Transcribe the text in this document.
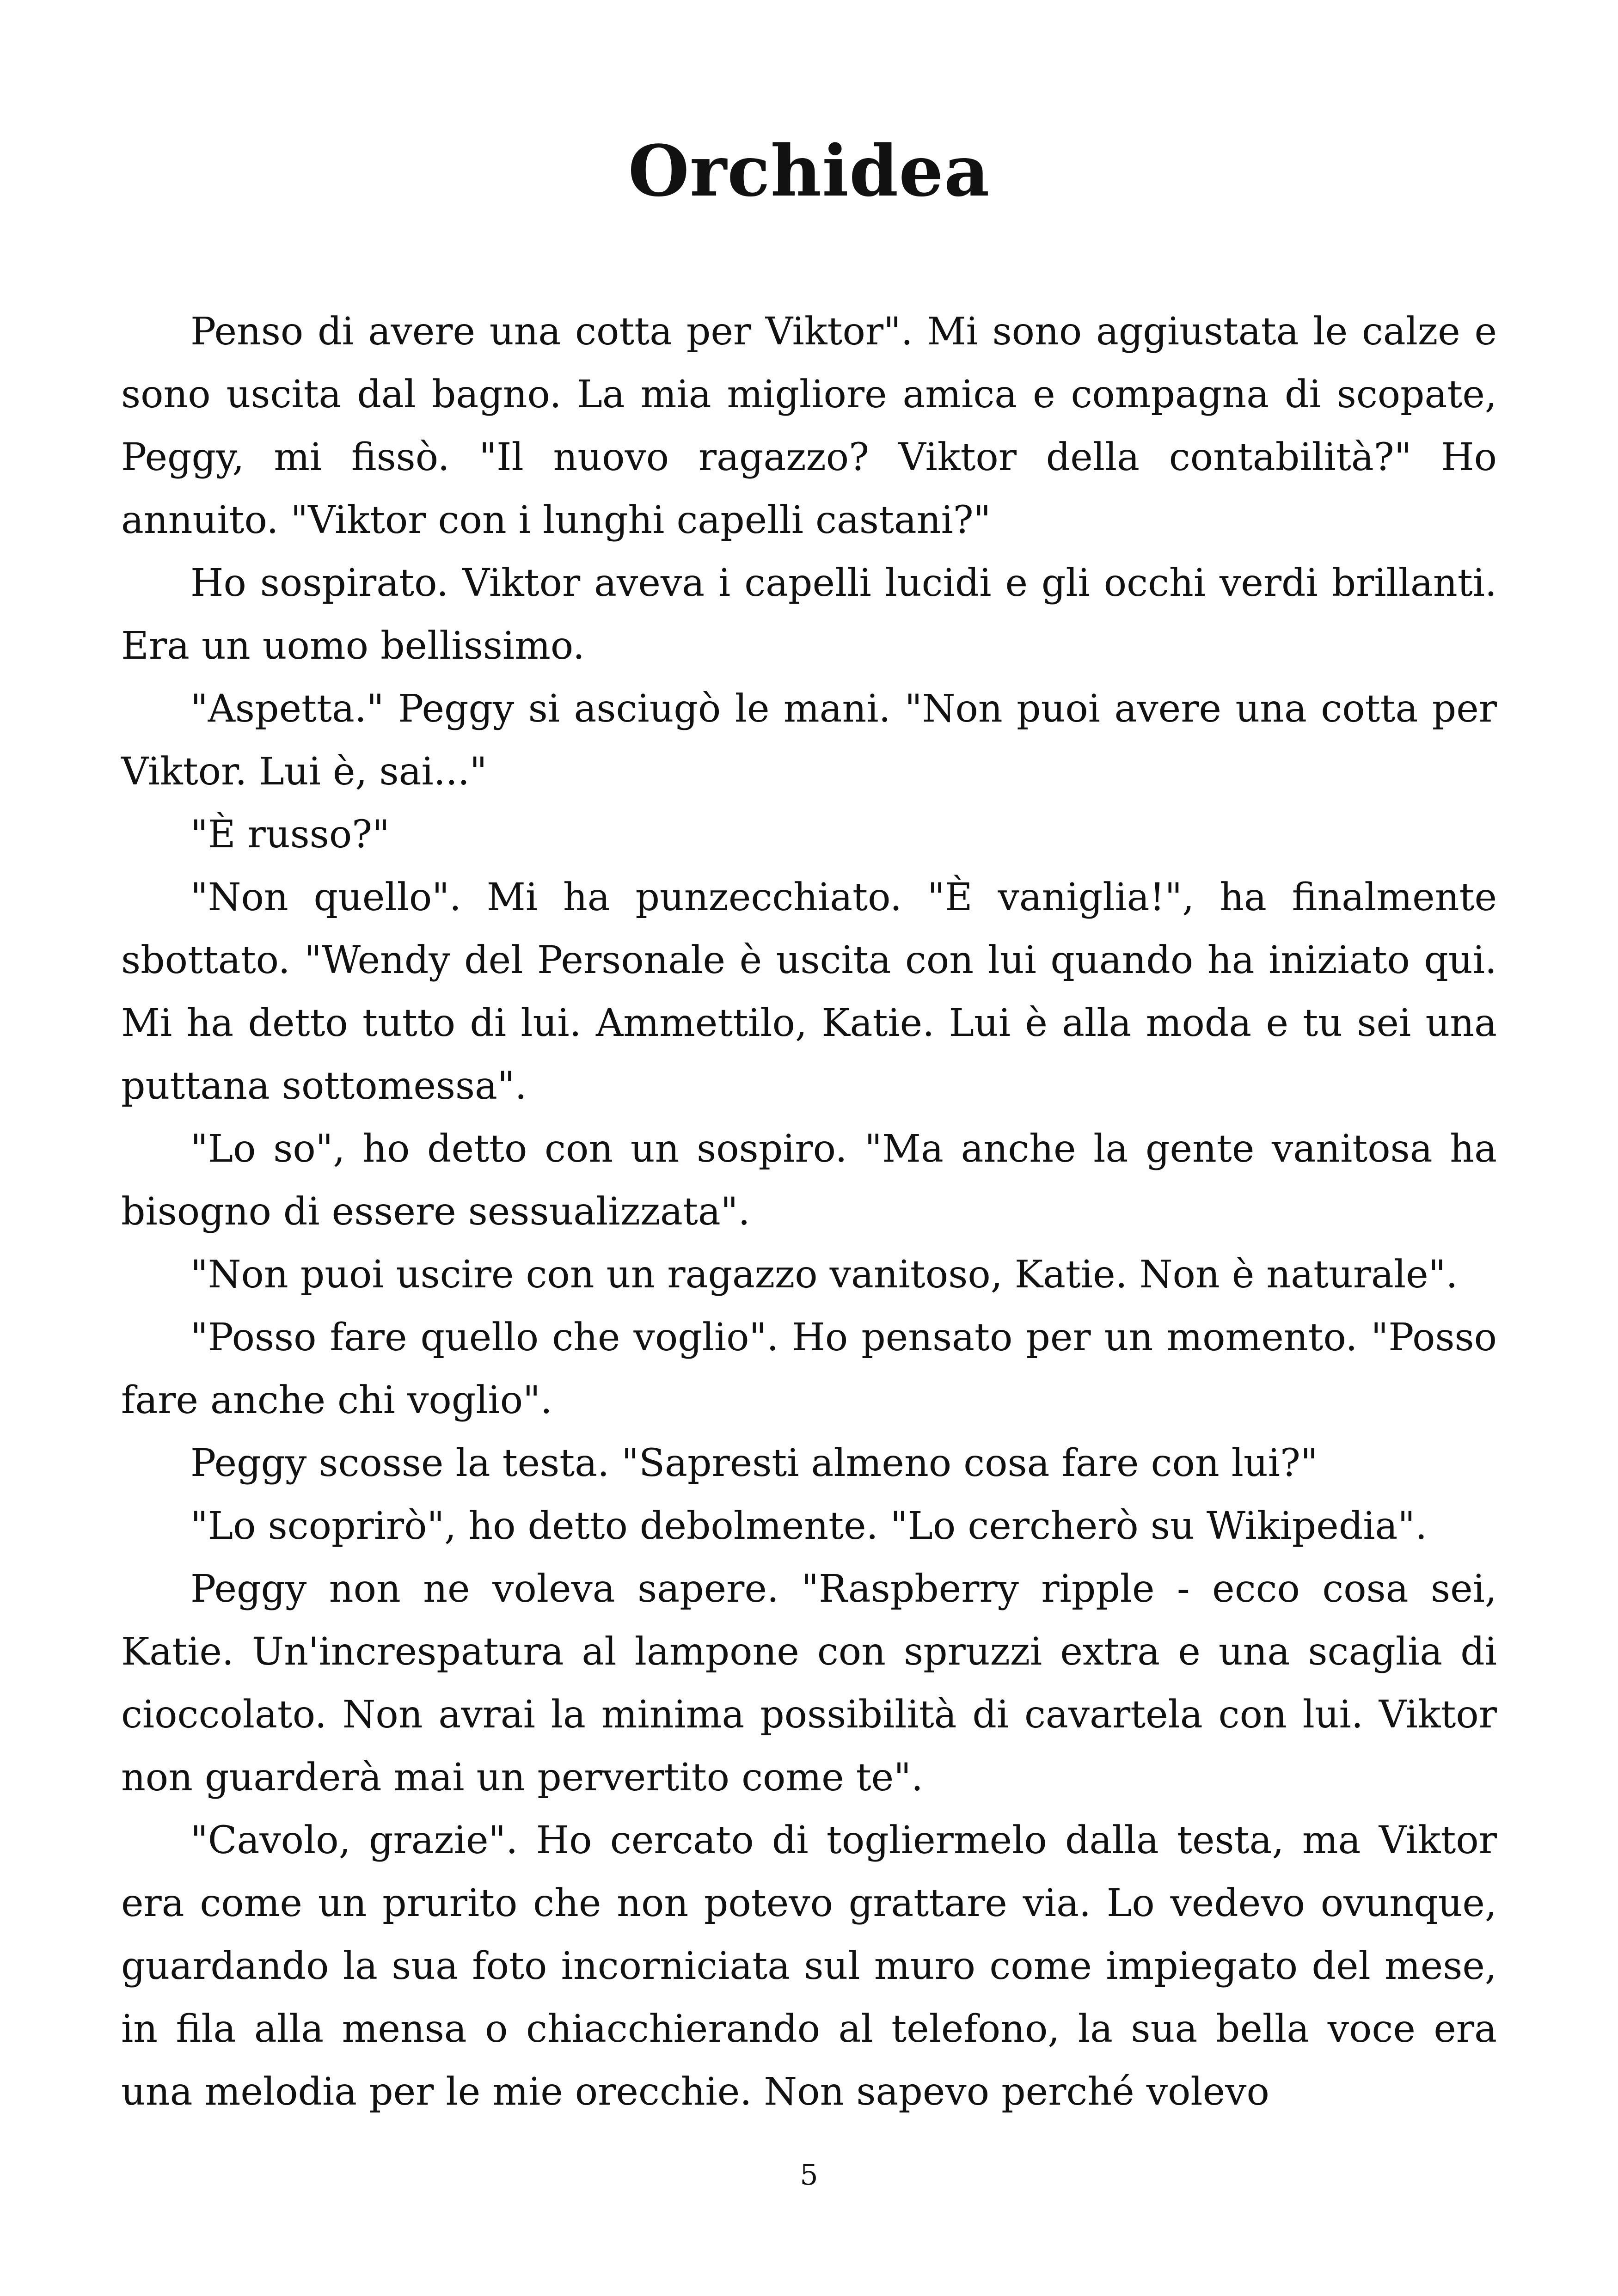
Orchidea

Penso di avere una cotta per Viktor". Mi sono aggiustata le calze e sono uscita dal bagno. La mia migliore amica e compagna di scopate, Peggy, mi fissò. "Il nuovo ragazzo? Viktor della contabilità?" Ho annuito. "Viktor con i lunghi capelli castani?"

Ho sospirato. Viktor aveva i capelli lucidi e gli occhi verdi brillanti. Era un uomo bellissimo.

"Aspetta." Peggy si asciugò le mani. "Non puoi avere una cotta per Viktor. Lui è, sai..."

"È russo?"

"Non quello". Mi ha punzecchiato. "È vaniglia!", ha finalmente sbottato. "Wendy del Personale è uscita con lui quando ha iniziato qui. Mi ha detto tutto di lui. Ammettilo, Katie. Lui è alla moda e tu sei una puttana sottomessa".

"Lo so", ho detto con un sospiro. "Ma anche la gente vanitosa ha bisogno di essere sessualizzata".

"Non puoi uscire con un ragazzo vanitoso, Katie. Non è naturale".

"Posso fare quello che voglio". Ho pensato per un momento. "Posso fare anche chi voglio".

Peggy scosse la testa. "Sapresti almeno cosa fare con lui?"

"Lo scoprirò", ho detto debolmente. "Lo cercherò su Wikipedia".

Peggy non ne voleva sapere. "Raspberry ripple - ecco cosa sei, Katie. Un'increspatura al lampone con spruzzi extra e una scaglia di cioccolato. Non avrai la minima possibilità di cavartela con lui. Viktor non guarderà mai un pervertito come te".

"Cavolo, grazie". Ho cercato di togliermelo dalla testa, ma Viktor era come un prurito che non potevo grattare via. Lo vedevo ovunque, guardando la sua foto incorniciata sul muro come impiegato del mese, in fila alla mensa o chiacchierando al telefono, la sua bella voce era una melodia per le mie orecchie. Non sapevo perché volevo

5
